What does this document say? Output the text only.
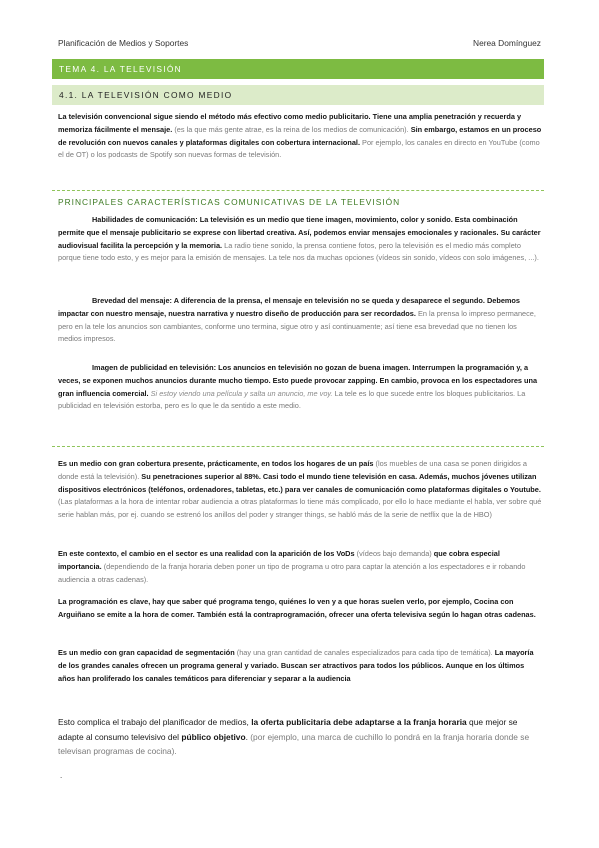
Planificación de Medios y Soportes	Nerea Domínguez
TEMA 4. LA TELEVISIÓN
4.1. LA TELEVISIÓN COMO MEDIO

La televisión convencional sigue siendo el método más efectivo como medio publicitario. Tiene una amplia penetración y recuerda y memoriza fácilmente el mensaje. (es la que más gente atrae, es la reina de los medios de comunicación). Sin embargo, estamos en un proceso de revolución con nuevos canales y plataformas digitales con cobertura internacional. Por ejemplo, los canales en directo en YouTube (como el de OT) o los podcasts de Spotify son nuevas formas de televisión.

PRINCIPALES CARACTERÍSTICAS COMUNICATIVAS DE LA TELEVISIÓN

Habilidades de comunicación: La televisión es un medio que tiene imagen, movimiento, color y sonido. Esta combinación permite que el mensaje publicitario se exprese con libertad creativa. Así, podemos enviar mensajes emocionales y racionales. Su carácter audiovisual facilita la percepción y la memoria. La radio tiene sonido, la prensa contiene fotos, pero la televisión es el medio más completo porque tiene todo esto, y es mejor para la emisión de mensajes. La tele nos da muchas opciones (vídeos sin sonido, vídeos con solo imágenes, ...).

Brevedad del mensaje: A diferencia de la prensa, el mensaje en televisión no se queda y desaparece el segundo. Debemos impactar con nuestro mensaje, nuestra narrativa y nuestro diseño de producción para ser recordados. En la prensa lo impreso permanece, pero en la tele los anuncios son cambiantes, conforme uno termina, sigue otro y así continuamente; así tiene esa brevedad que no tienen los medios impresos.

Imagen de publicidad en televisión: Los anuncios en televisión no gozan de buena imagen. Interrumpen la programación y, a veces, se exponen muchos anuncios durante mucho tiempo. Esto puede provocar zapping. En cambio, provoca en los espectadores una gran influencia comercial. Si estoy viendo una película y salta un anuncio, me voy. La tele es lo que sucede entre los bloques publicitarios. La publicidad en televisión estorba, pero es lo que le da sentido a este medio.

Es un medio con gran cobertura presente, prácticamente, en todos los hogares de un país (los muebles de una casa se ponen dirigidos a donde está la televisión). Su penetraciones superior al 88%. Casi todo el mundo tiene televisión en casa. Además, muchos jóvenes utilizan dispositivos electrónicos (teléfonos, ordenadores, tabletas, etc.) para ver canales de comunicación como plataformas digitales o Youtube. (Las plataformas a la hora de intentar robar audiencia a otras plataformas lo tiene más complicado, por ello lo hace mediante el habla, ver sobre qué serie hablan más, por ej. cuando se estrenó los anillos del poder y stranger things, se habló más de la serie de netflix que la de HBO)

En este contexto, el cambio en el sector es una realidad con la aparición de los VoDs (vídeos bajo demanda) que cobra especial importancia. (dependiendo de la franja horaria deben poner un tipo de programa u otro para captar la atención a los espectadores e ir robando audiencia a otras cadenas).

La programación es clave, hay que saber qué programa tengo, quiénes lo ven y a que horas suelen verlo, por ejemplo, Cocina con Arguiñano se emite a la hora de comer. También está la contraprogramación, ofrecer una oferta televisiva según lo hagan otras cadenas.

Es un medio con gran capacidad de segmentación (hay una gran cantidad de canales especializados para cada tipo de temática). La mayoría de los grandes canales ofrecen un programa general y variado. Buscan ser atractivos para todos los públicos. Aunque en los últimos años han proliferado los canales temáticos para diferenciar y separar a la audiencia

Esto complica el trabajo del planificador de medios, la oferta publicitaria debe adaptarse a la franja horaria que mejor se adapte al consumo televisivo del público objetivo. (por ejemplo, una marca de cuchillo lo pondrá en la franja horaria donde se televisan programas de cocina).

.
